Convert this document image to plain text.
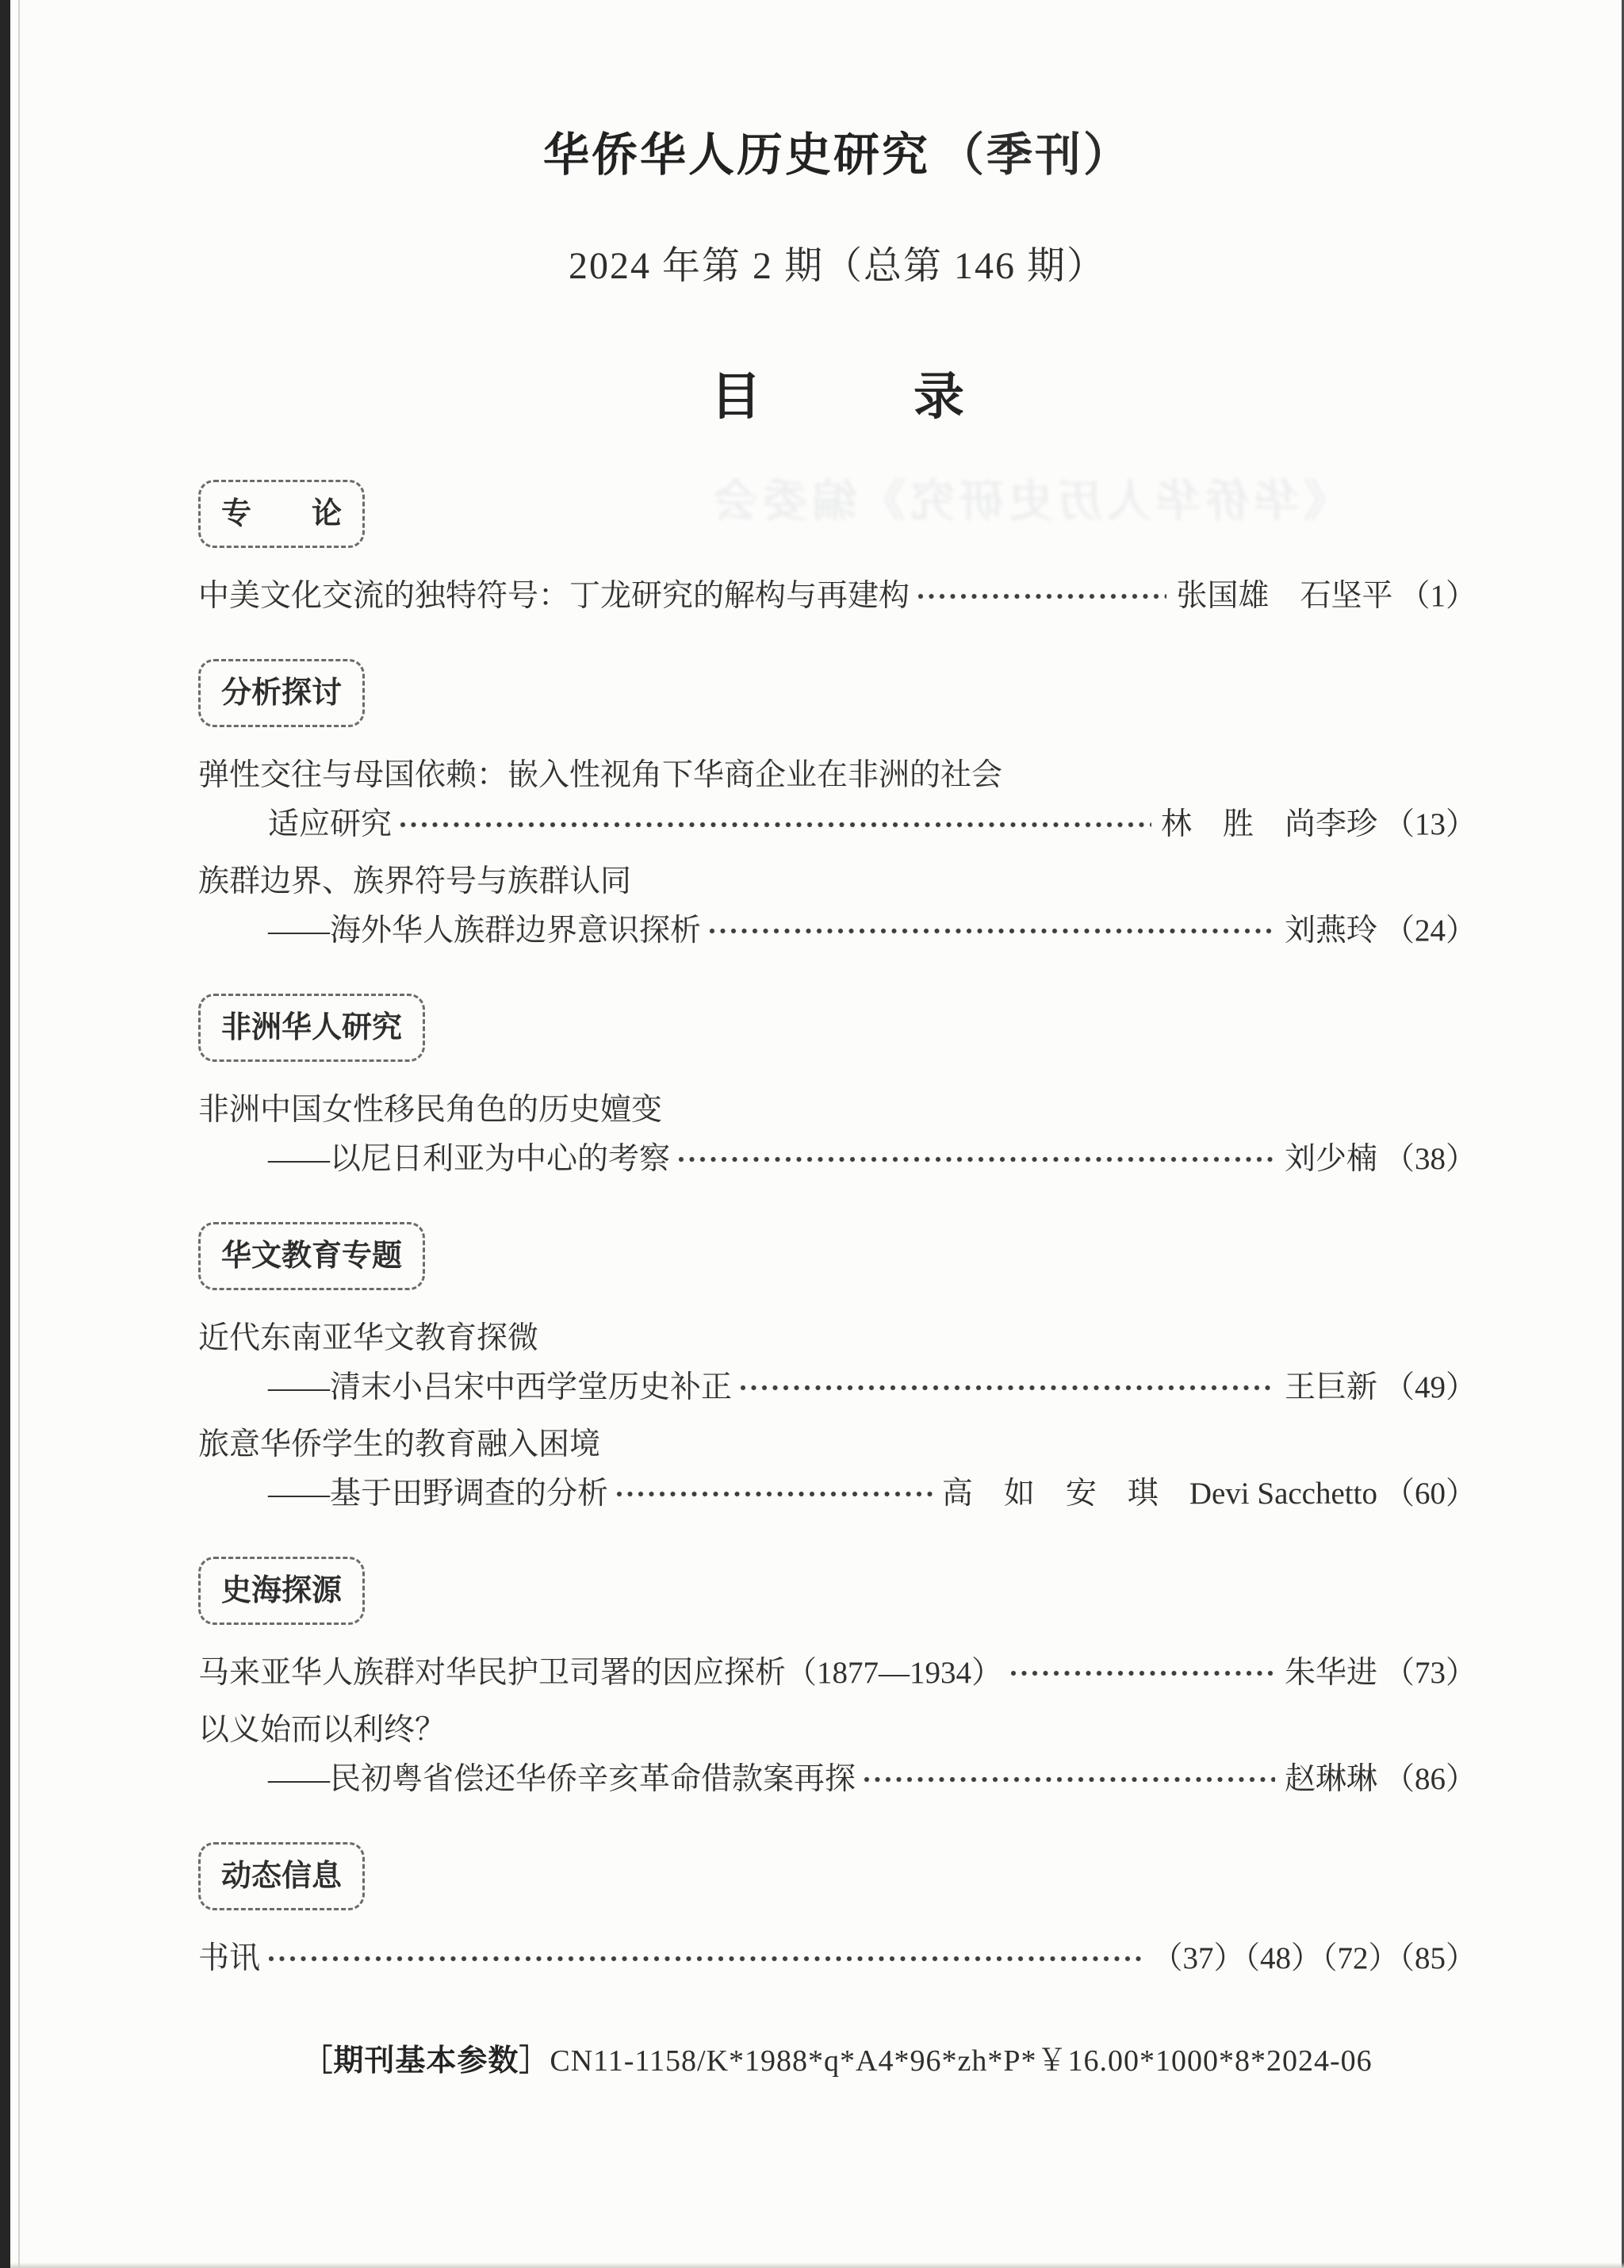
《华侨华人历史研究》编委会
华侨华人历史研究 （季刊）
2024 年第 2 期（总第 146 期）
目　　　录
专　　论
中美文化交流的独特符号：丁龙研究的解构与再建构	张国雄　石坚平 （1）
分析探讨
弹性交往与母国依赖：嵌入性视角下华商企业在非洲的社会
适应研究	林　胜　尚李珍 （13）
族群边界、族界符号与族群认同
——海外华人族群边界意识探析	刘燕玲 （24）
非洲华人研究
非洲中国女性移民角色的历史嬗变
——以尼日利亚为中心的考察	刘少楠 （38）
华文教育专题
近代东南亚华文教育探微
——清末小吕宋中西学堂历史补正	王巨新 （49）
旅意华侨学生的教育融入困境
——基于田野调查的分析	高　如　安　琪　Devi Sacchetto （60）
史海探源
马来亚华人族群对华民护卫司署的因应探析（1877—1934）	朱华进 （73）
以义始而以利终？
——民初粤省偿还华侨辛亥革命借款案再探	赵琳琳 （86）
动态信息
书讯	（37）（48）（72）（85）
［期刊基本参数］CN11-1158/K*1988*q*A4*96*zh*P*￥16.00*1000*8*2024-06
